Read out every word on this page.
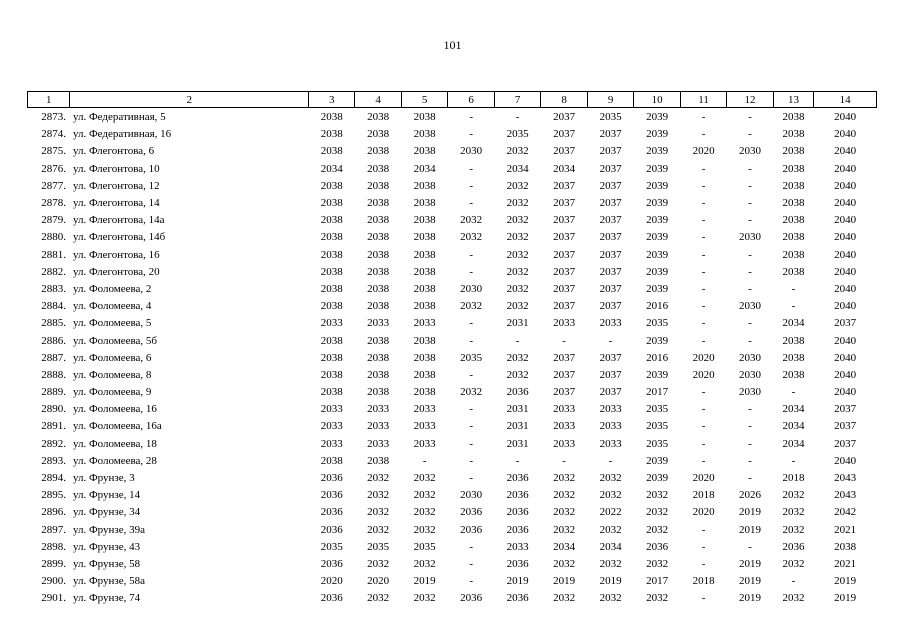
101
1	2	3	4	5	6	7	8	9	10	11	12	13	14
2873.	ул. Федеративная, 5	2038	2038	2038	-	-	2037	2035	2039	-	-	2038	2040
2874.	ул. Федеративная, 16	2038	2038	2038	-	2035	2037	2037	2039	-	-	2038	2040
2875.	ул. Флегонтова, 6	2038	2038	2038	2030	2032	2037	2037	2039	2020	2030	2038	2040
2876.	ул. Флегонтова, 10	2034	2038	2034	-	2034	2034	2037	2039	-	-	2038	2040
2877.	ул. Флегонтова, 12	2038	2038	2038	-	2032	2037	2037	2039	-	-	2038	2040
2878.	ул. Флегонтова, 14	2038	2038	2038	-	2032	2037	2037	2039	-	-	2038	2040
2879.	ул. Флегонтова, 14а	2038	2038	2038	2032	2032	2037	2037	2039	-	-	2038	2040
2880.	ул. Флегонтова, 14б	2038	2038	2038	2032	2032	2037	2037	2039	-	2030	2038	2040
2881.	ул. Флегонтова, 16	2038	2038	2038	-	2032	2037	2037	2039	-	-	2038	2040
2882.	ул. Флегонтова, 20	2038	2038	2038	-	2032	2037	2037	2039	-	-	2038	2040
2883.	ул. Фоломеева, 2	2038	2038	2038	2030	2032	2037	2037	2039	-	-	-	2040
2884.	ул. Фоломеева, 4	2038	2038	2038	2032	2032	2037	2037	2016	-	2030	-	2040
2885.	ул. Фоломеева, 5	2033	2033	2033	-	2031	2033	2033	2035	-	-	2034	2037
2886.	ул. Фоломеева, 5б	2038	2038	2038	-	-	-	-	2039	-	-	2038	2040
2887.	ул. Фоломеева, 6	2038	2038	2038	2035	2032	2037	2037	2016	2020	2030	2038	2040
2888.	ул. Фоломеева, 8	2038	2038	2038	-	2032	2037	2037	2039	2020	2030	2038	2040
2889.	ул. Фоломеева, 9	2038	2038	2038	2032	2036	2037	2037	2017	-	2030	-	2040
2890.	ул. Фоломеева, 16	2033	2033	2033	-	2031	2033	2033	2035	-	-	2034	2037
2891.	ул. Фоломеева, 16а	2033	2033	2033	-	2031	2033	2033	2035	-	-	2034	2037
2892.	ул. Фоломеева, 18	2033	2033	2033	-	2031	2033	2033	2035	-	-	2034	2037
2893.	ул. Фоломеева, 28	2038	2038	-	-	-	-	-	2039	-	-	-	2040
2894.	ул. Фрунзе, 3	2036	2032	2032	-	2036	2032	2032	2039	2020	-	2018	2043
2895.	ул. Фрунзе, 14	2036	2032	2032	2030	2036	2032	2032	2032	2018	2026	2032	2043
2896.	ул. Фрунзе, 34	2036	2032	2032	2036	2036	2032	2022	2032	2020	2019	2032	2042
2897.	ул. Фрунзе, 39а	2036	2032	2032	2036	2036	2032	2032	2032	-	2019	2032	2021
2898.	ул. Фрунзе, 43	2035	2035	2035	-	2033	2034	2034	2036	-	-	2036	2038
2899.	ул. Фрунзе, 58	2036	2032	2032	-	2036	2032	2032	2032	-	2019	2032	2021
2900.	ул. Фрунзе, 58а	2020	2020	2019	-	2019	2019	2019	2017	2018	2019	-	2019
2901.	ул. Фрунзе, 74	2036	2032	2032	2036	2036	2032	2032	2032	-	2019	2032	2019
